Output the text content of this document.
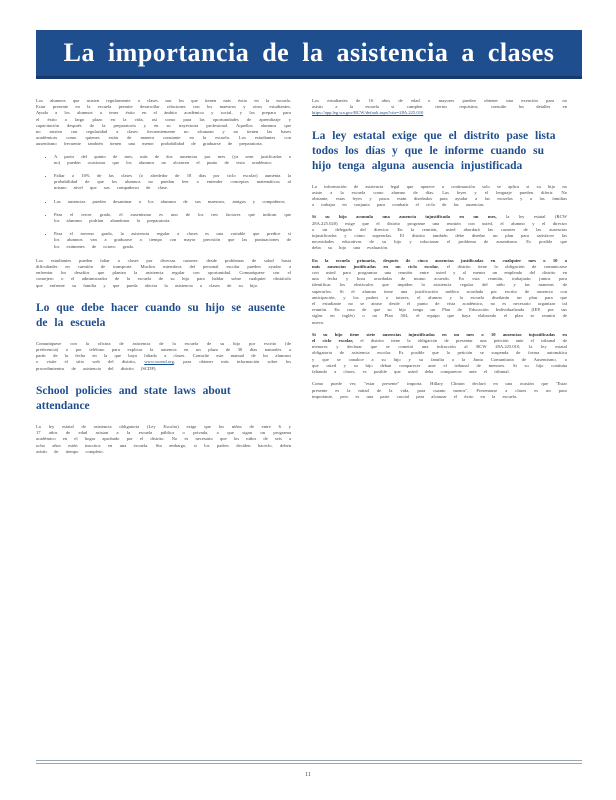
La importancia de la asistencia a clases

Los alumnos que asisten regularmente a clases son los que tienen más éxito en la escuela. Estar presente en la escuela permite desarrollar relaciones con los maestros y otros estudiantes. Ayuda a los alumnos a tener éxito en el ámbito académico y social, y los prepara para el éxito a largo plazo en la vida, así como para las oportunidades de aprendizaje y capacitación después de la preparatoria y en su trayectoria profesional. Aquellos alumnos que no asisten con regularidad a clases frecuentemente no alcanzan y no tienen las bases académicas como quienes están de manera constante en la escuela. Los estudiantes con ausentismo frecuente también tienen una menor probabilidad de graduarse de preparatoria.

• A partir del quinto de mes, más de dos ausencias por mes (ya sean justificadas o no) pueden ocasionar que los alumnos no alcancen el punto de vista académico.
• Faltar a 10% de las clases (o alrededor de 18 días por ciclo escolar) aumenta la probabilidad de que los alumnos no puedan leer o entender conceptos matemáticos al mismo nivel que sus compañeros de clase.
• Las ausencias pueden desanimar a los alumnos de sus maestros, amigos y compañeros.
• Para el tercer grado, el ausentismo es uno de los tres factores que indican que los alumnos podrían abandonar la preparatoria.
• Para el noveno grado, la asistencia regular a clases es una variable que predice si los alumnos van a graduarse a tiempo con mayor precisión que las puntuaciones de los exámenes de octavo grado.

Los estudiantes pueden faltar a clases por diversas razones: desde problemas de salud hasta dificultades en cuestión de transporte. Muchos miembros del personal escolar pueden ayudar a enfrentar los desafíos que plantea la asistencia regular con oportunidad. Comuníquese con el consejero o el administrador de la escuela de su hijo para hablar sobre cualquier obstáculo que enfrente su familia y que pueda afectar la asistencia a clases de su hijo.

Lo que debe hacer cuando su hijo se ausente de la escuela

Comuníquese con la oficina de asistencia de la escuela de su hijo por escrito (de preferencia) o por teléfono para explicar la ausencia en un plazo de 30 días naturales a partir de la fecha en la que haya faltado a clases. Consulte este manual de los alumnos o visite el sitio web del distrito, www.wuesd.org, para obtener más información sobre los procedimientos de asistencia del distrito (SCDP).

School policies and state laws about attendance

La ley estatal de asistencia obligatoria (Ley Escolar) exige que los niños de entre 6 y 17 años de edad asistan a la escuela pública o privada, o que sigan un programa académico en el hogar aprobado por el distrito. No es necesario que los niños de seis a ocho años estén inscritos en una escuela. Sin embargo, si los padres deciden hacerlo, deben asistir de tiempo completo.

Los estudiantes de 16 años de edad o mayores pueden obtener una exención para no asistir a la escuela si cumplen ciertos requisitos; consulte los detalles en https://app.leg.wa.gov/RCW/default.aspx?cite=28A.225.010

La ley estatal exige que el distrito pase lista todos los días y que le informe cuando su hijo tenga alguna ausencia injustificada

La información de asistencia legal que aparece a continuación solo se aplica si su hijo no asiste a la escuela como alumno de días. Las leyes y el lenguaje pueden diferir. No obstante, estas leyes y pasos están diseñados para ayudar a las escuelas y a las familias a trabajar en conjunto para combatir el ciclo de las ausencias.

Si su hijo acumula una ausencia injustificada en un mes, la ley estatal (RCW 28A.225.020) exige que el distrito programe una reunión con usted, el alumno y el director o un delegado del director. En la reunión, usted abordará las razones de las ausencias injustificadas y cómo superarlas. El distrito también debe diseñar un plan para satisfacer las necesidades educativas de su hijo y solucionar el problema de ausentismo. Es posible que deba su hijo una evaluación.

En la escuela primaria, después de cinco ausencias justificadas en cualquier mes o 10 o más ausencias justificadas en un ciclo escolar, el distrito tiene la obligación de comunicarse con usted para programar una reunión entre usted y al menos un empleado del distrito en una fecha y hora acordadas de mutuo acuerdo. En esta reunión, trabajarán juntos para identificar los obstáculos que impiden la asistencia regular del niño y las maneras de superarlos. Si el alumno tiene una justificación médica acordada por escrito de ausencia con anticipación, y los padres o tutores, el alumno y la escuela diseñarán un plan para que el estudiante no se atrase desde el punto de vista académico, no es necesario organizar tal reunión. En caso de que su hijo tenga un Plan de Educación Individualizada (IEP, por sus siglas en inglés) o un Plan 504, el equipo que haya elaborado el plan se reunirá de nuevo.

Si su hijo tiene siete ausencias injustificadas en un mes o 10 ausencias injustificadas en el ciclo escolar, el distrito tiene la obligación de presentar una petición ante el tribunal de menores y declarar que se cometió una infracción al RCW 28A.225.010, la ley estatal obligatoria de asistencia escolar. Es posible que la petición se suspenda de forma automática y que se canalice a su hijo y su familia a la Junta Comunitaria de Ausentismo, o que usted y su hijo deban comparecer ante el tribunal de menores. Si su hijo continúa faltando a clases, es posible que usted deba comparecer ante el tribunal.

Como puede ver, "estar presente" importa. Hillary Clinton declaró en una ocasión que "Estar presente es la mitad de la vida, para cuanto menos". Presentarse a clases es un paso importante, pero es una parte crucial para alcanzar el éxito en la escuela.

11
